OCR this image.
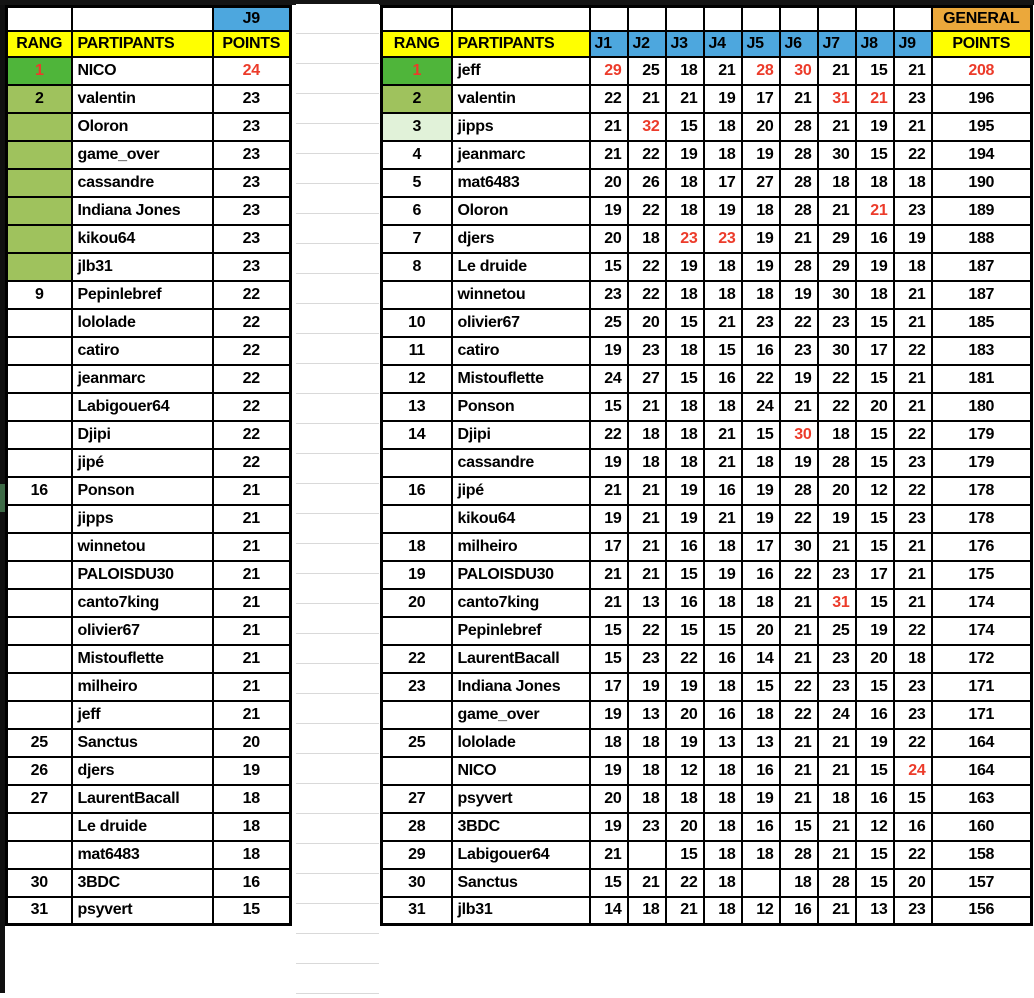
		J9
RANG	PARTIPANTS	POINTS
1	NICO	24
2	valentin	23
	Oloron	23
	game_over	23
	cassandre	23
	Indiana Jones	23
	kikou64	23
	jlb31	23
9	Pepinlebref	22
	lololade	22
	catiro	22
	jeanmarc	22
	Labigouer64	22
	Djipi	22
	jipé	22
16	Ponson	21
	jipps	21
	winnetou	21
	PALOISDU30	21
	canto7king	21
	olivier67	21
	Mistouflette	21
	milheiro	21
	jeff	21
25	Sanctus	20
26	djers	19
27	LaurentBacall	18
	Le druide	18
	mat6483	18
30	3BDC	16
31	psyvert	15
											GENERAL
RANG	PARTIPANTS	J1	J2	J3	J4	J5	J6	J7	J8	J9	POINTS
1	jeff	29	25	18	21	28	30	21	15	21	208
2	valentin	22	21	21	19	17	21	31	21	23	196
3	jipps	21	32	15	18	20	28	21	19	21	195
4	jeanmarc	21	22	19	18	19	28	30	15	22	194
5	mat6483	20	26	18	17	27	28	18	18	18	190
6	Oloron	19	22	18	19	18	28	21	21	23	189
7	djers	20	18	23	23	19	21	29	16	19	188
8	Le druide	15	22	19	18	19	28	29	19	18	187
	winnetou	23	22	18	18	18	19	30	18	21	187
10	olivier67	25	20	15	21	23	22	23	15	21	185
11	catiro	19	23	18	15	16	23	30	17	22	183
12	Mistouflette	24	27	15	16	22	19	22	15	21	181
13	Ponson	15	21	18	18	24	21	22	20	21	180
14	Djipi	22	18	18	21	15	30	18	15	22	179
	cassandre	19	18	18	21	18	19	28	15	23	179
16	jipé	21	21	19	16	19	28	20	12	22	178
	kikou64	19	21	19	21	19	22	19	15	23	178
18	milheiro	17	21	16	18	17	30	21	15	21	176
19	PALOISDU30	21	21	15	19	16	22	23	17	21	175
20	canto7king	21	13	16	18	18	21	31	15	21	174
	Pepinlebref	15	22	15	15	20	21	25	19	22	174
22	LaurentBacall	15	23	22	16	14	21	23	20	18	172
23	Indiana Jones	17	19	19	18	15	22	23	15	23	171
	game_over	19	13	20	16	18	22	24	16	23	171
25	lololade	18	18	19	13	13	21	21	19	22	164
	NICO	19	18	12	18	16	21	21	15	24	164
27	psyvert	20	18	18	18	19	21	18	16	15	163
28	3BDC	19	23	20	18	16	15	21	12	16	160
29	Labigouer64	21		15	18	18	28	21	15	22	158
30	Sanctus	15	21	22	18		18	28	15	20	157
31	jlb31	14	18	21	18	12	16	21	13	23	156
